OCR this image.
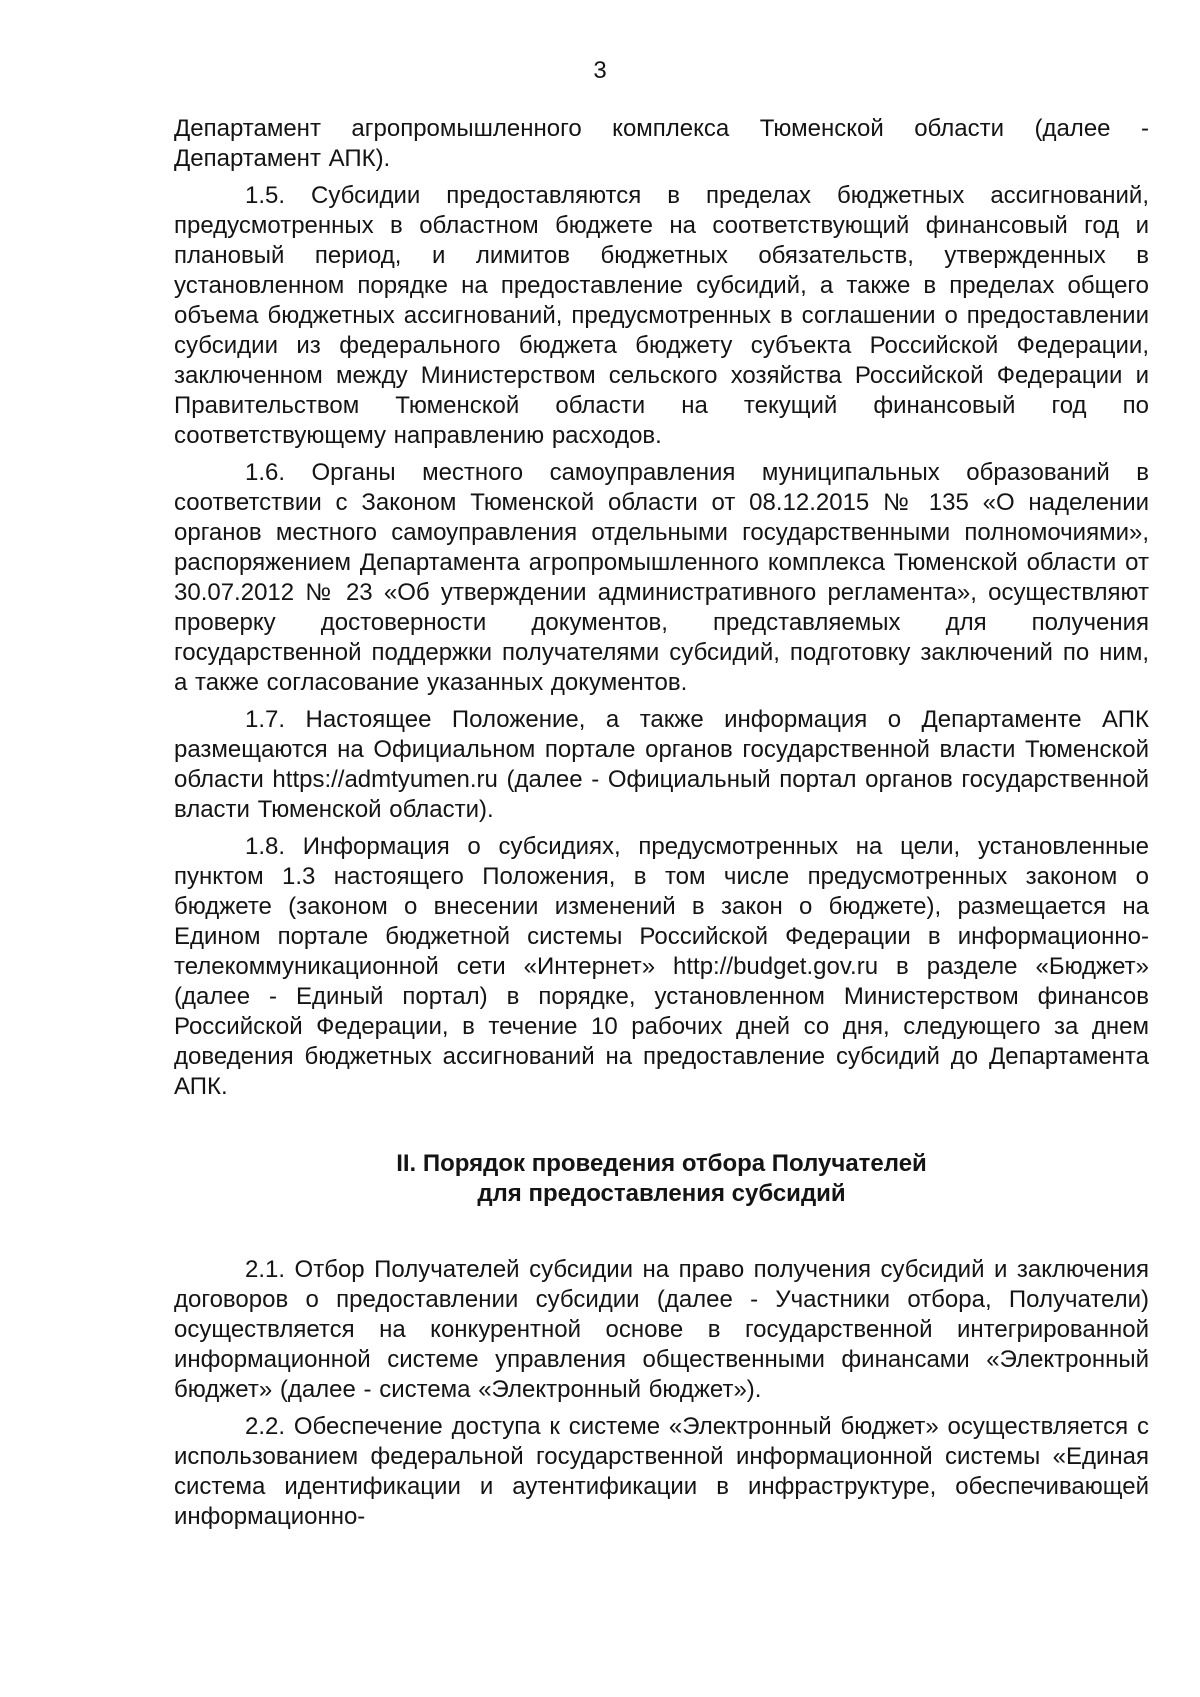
3

Департамент агропромышленного комплекса Тюменской области (далее - Департамент АПК).

1.5. Субсидии предоставляются в пределах бюджетных ассигнований, предусмотренных в областном бюджете на соответствующий финансовый год и плановый период, и лимитов бюджетных обязательств, утвержденных в установленном порядке на предоставление субсидий, а также в пределах общего объема бюджетных ассигнований, предусмотренных в соглашении о предоставлении субсидии из федерального бюджета бюджету субъекта Российской Федерации, заключенном между Министерством сельского хозяйства Российской Федерации и Правительством Тюменской области на текущий финансовый год по соответствующему направлению расходов.

1.6. Органы местного самоуправления муниципальных образований в соответствии с Законом Тюменской области от 08.12.2015 № 135 «О наделении органов местного самоуправления отдельными государственными полномочиями», распоряжением Департамента агропромышленного комплекса Тюменской области от 30.07.2012 № 23 «Об утверждении административного регламента», осуществляют проверку достоверности документов, представляемых для получения государственной поддержки получателями субсидий, подготовку заключений по ним, а также согласование указанных документов.

1.7. Настоящее Положение, а также информация о Департаменте АПК размещаются на Официальном портале органов государственной власти Тюменской области https://admtyumen.ru (далее - Официальный портал органов государственной власти Тюменской области).

1.8. Информация о субсидиях, предусмотренных на цели, установленные пунктом 1.3 настоящего Положения, в том числе предусмотренных законом о бюджете (законом о внесении изменений в закон о бюджете), размещается на Едином портале бюджетной системы Российской Федерации в информационно-телекоммуникационной сети «Интернет» http://budget.gov.ru в разделе «Бюджет» (далее - Единый портал) в порядке, установленном Министерством финансов Российской Федерации, в течение 10 рабочих дней со дня, следующего за днем доведения бюджетных ассигнований на предоставление субсидий до Департамента АПК.

II. Порядок проведения отбора Получателей
для предоставления субсидий

2.1. Отбор Получателей субсидии на право получения субсидий и заключения договоров о предоставлении субсидии (далее - Участники отбора, Получатели) осуществляется на конкурентной основе в государственной интегрированной информационной системе управления общественными финансами «Электронный бюджет» (далее - система «Электронный бюджет»).

2.2. Обеспечение доступа к системе «Электронный бюджет» осуществляется с использованием федеральной государственной информационной системы «Единая система идентификации и аутентификации в инфраструктуре, обеспечивающей информационно-
